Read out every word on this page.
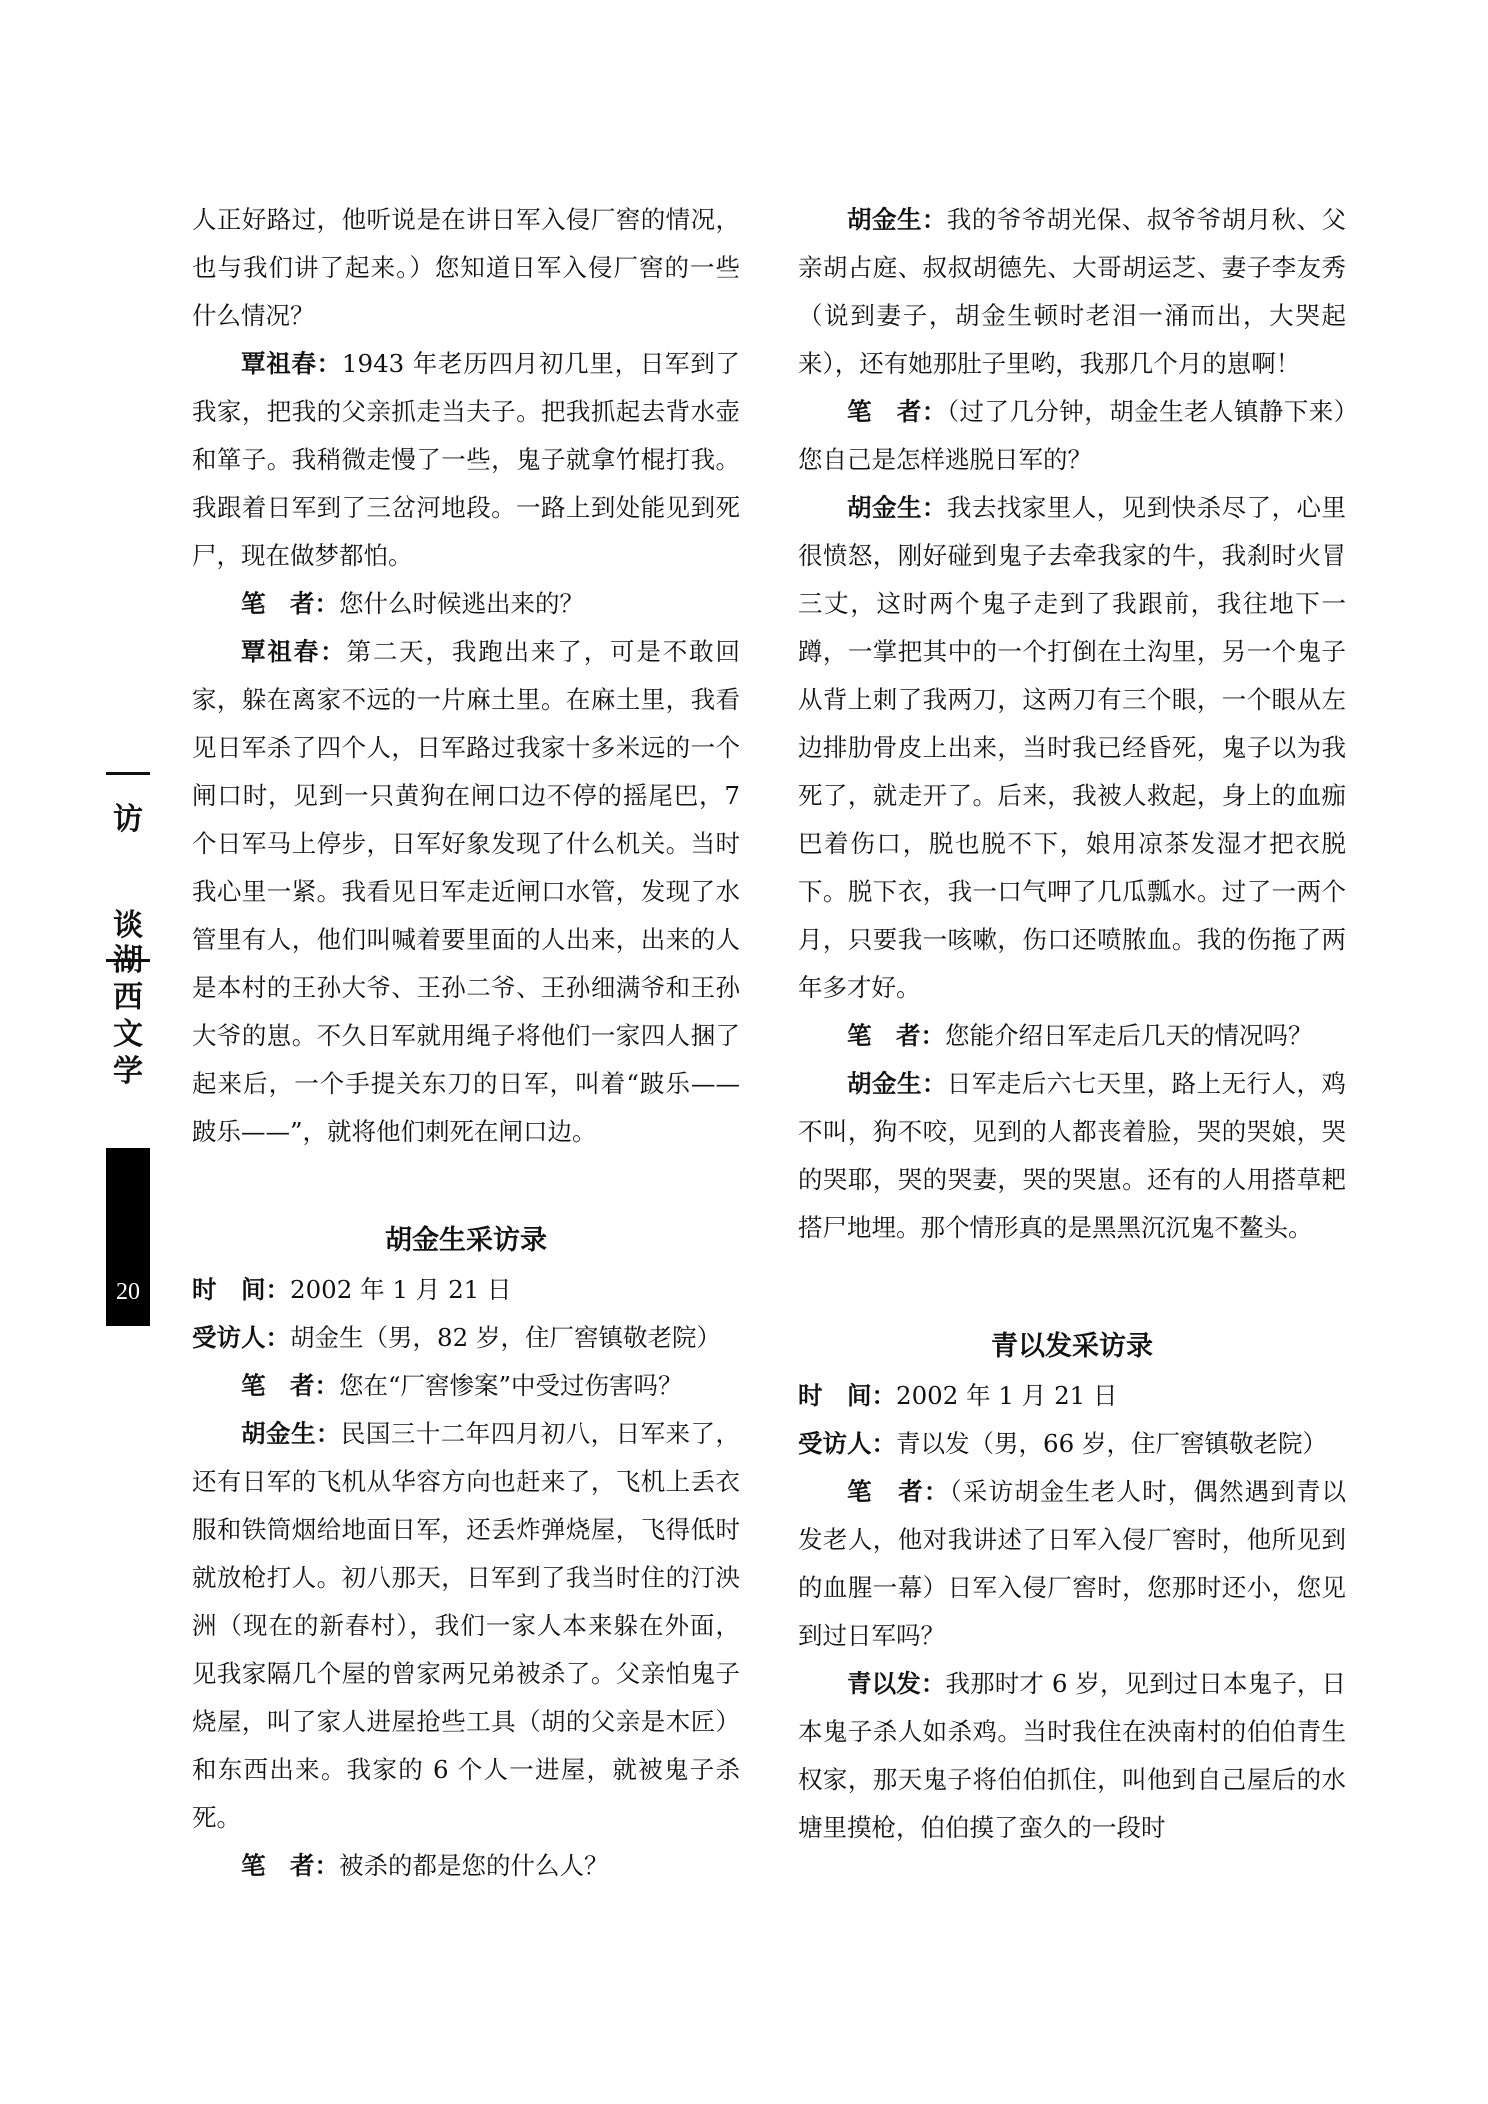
访
谈
湖
西
文
学
20

人正好路过，他听说是在讲日军入侵厂窖的情况，也与我们讲了起来。）您知道日军入侵厂窖的一些什么情况？

覃祖春：1943 年老历四月初几里，日军到了我家，把我的父亲抓走当夫子。把我抓起去背水壶和箪子。我稍微走慢了一些，鬼子就拿竹棍打我。我跟着日军到了三岔河地段。一路上到处能见到死尸，现在做梦都怕。

笔　者：您什么时候逃出来的？

覃祖春：第二天，我跑出来了，可是不敢回家，躲在离家不远的一片麻土里。在麻土里，我看见日军杀了四个人，日军路过我家十多米远的一个闸口时，见到一只黄狗在闸口边不停的摇尾巴，7 个日军马上停步，日军好象发现了什么机关。当时我心里一紧。我看见日军走近闸口水管，发现了水管里有人，他们叫喊着要里面的人出来，出来的人是本村的王孙大爷、王孙二爷、王孙细满爷和王孙大爷的崽。不久日军就用绳子将他们一家四人捆了起来后，一个手提关东刀的日军，叫着“跛乐——跛乐——”，就将他们刺死在闸口边。

胡金生采访录

时　间：2002 年 1 月 21 日

受访人：胡金生（男，82 岁，住厂窖镇敬老院）

笔　者：您在“厂窖惨案”中受过伤害吗？

胡金生：民国三十二年四月初八，日军来了，还有日军的飞机从华容方向也赶来了，飞机上丢衣服和铁筒烟给地面日军，还丢炸弹烧屋，飞得低时就放枪打人。初八那天，日军到了我当时住的汀泱洲（现在的新春村），我们一家人本来躲在外面，见我家隔几个屋的曾家两兄弟被杀了。父亲怕鬼子烧屋，叫了家人进屋抢些工具（胡的父亲是木匠）和东西出来。我家的 6 个人一进屋，就被鬼子杀死。

笔　者：被杀的都是您的什么人？

胡金生：我的爷爷胡光保、叔爷爷胡月秋、父亲胡占庭、叔叔胡德先、大哥胡运芝、妻子李友秀（说到妻子，胡金生顿时老泪一涌而出，大哭起来），还有她那肚子里哟，我那几个月的崽啊！

笔　者：（过了几分钟，胡金生老人镇静下来）您自己是怎样逃脱日军的？

胡金生：我去找家里人，见到快杀尽了，心里很愤怒，刚好碰到鬼子去牵我家的牛，我刹时火冒三丈，这时两个鬼子走到了我跟前，我往地下一蹲，一掌把其中的一个打倒在土沟里，另一个鬼子从背上刺了我两刀，这两刀有三个眼，一个眼从左边排肋骨皮上出来，当时我已经昏死，鬼子以为我死了，就走开了。后来，我被人救起，身上的血痂巴着伤口，脱也脱不下，娘用凉茶发湿才把衣脱下。脱下衣，我一口气呷了几瓜瓢水。过了一两个月，只要我一咳嗽，伤口还喷脓血。我的伤拖了两年多才好。

笔　者：您能介绍日军走后几天的情况吗？

胡金生：日军走后六七天里，路上无行人，鸡不叫，狗不咬，见到的人都丧着脸，哭的哭娘，哭的哭耶，哭的哭妻，哭的哭崽。还有的人用搭草耙搭尸地埋。那个情形真的是黑黑沉沉鬼不鳌头。

青以发采访录

时　间：2002 年 1 月 21 日

受访人：青以发（男，66 岁，住厂窖镇敬老院）

笔　者：（采访胡金生老人时，偶然遇到青以发老人，他对我讲述了日军入侵厂窖时，他所见到的血腥一幕）日军入侵厂窖时，您那时还小，您见到过日军吗？

青以发：我那时才 6 岁，见到过日本鬼子，日本鬼子杀人如杀鸡。当时我住在泱南村的伯伯青生权家，那天鬼子将伯伯抓住，叫他到自己屋后的水塘里摸枪，伯伯摸了蛮久的一段时
